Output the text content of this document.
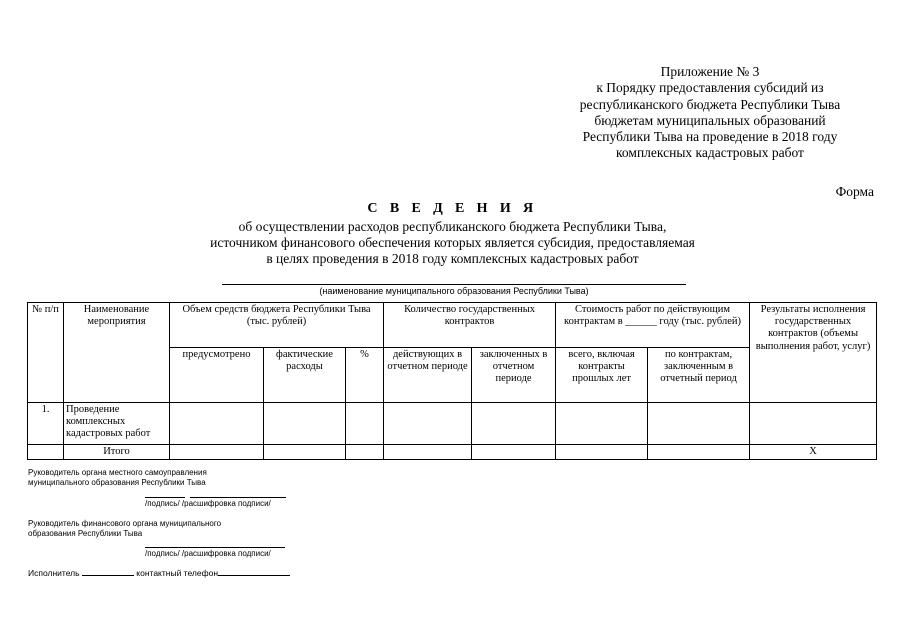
Приложение № 3
к Порядку предоставления субсидий из
республиканского бюджета Республики Тыва
бюджетам муниципальных образований
Республики Тыва на проведение в 2018 году
комплексных кадастровых работ
Форма
С В Е Д Е Н И Я
об осуществлении расходов республиканского бюджета Республики Тыва,
источником финансового обеспечения которых является субсидия, предоставляемая
в целях проведения в 2018 году комплексных кадастровых работ
(наименование муниципального образования Республики Тыва)
№ п/п	Наименование мероприятия	Объем средств бюджета Республики Тыва (тыс. рублей)			Количество государственных контрактов		Стоимость работ по действующим контрактам в ______ году (тыс. рублей)		Результаты исполнения государственных контрактов (объемы выполнения работ, услуг)
		предусмотрено	фактические расходы	%	действующих в отчетном периоде	заключенных в отчетном периоде	всего, включая контракты прошлых лет	по контрактам, заключенным в отчетный период	
1.	Проведение комплексных кадастровых работ								
	Итого								X
Руководитель органа местного самоуправления
муниципального образования Республики Тыва
/подпись/ /расшифровка подписи/
Руководитель финансового органа муниципального
образования Республики Тыва
/подпись/ /расшифровка подписи/
Исполнитель	контактный телефон
